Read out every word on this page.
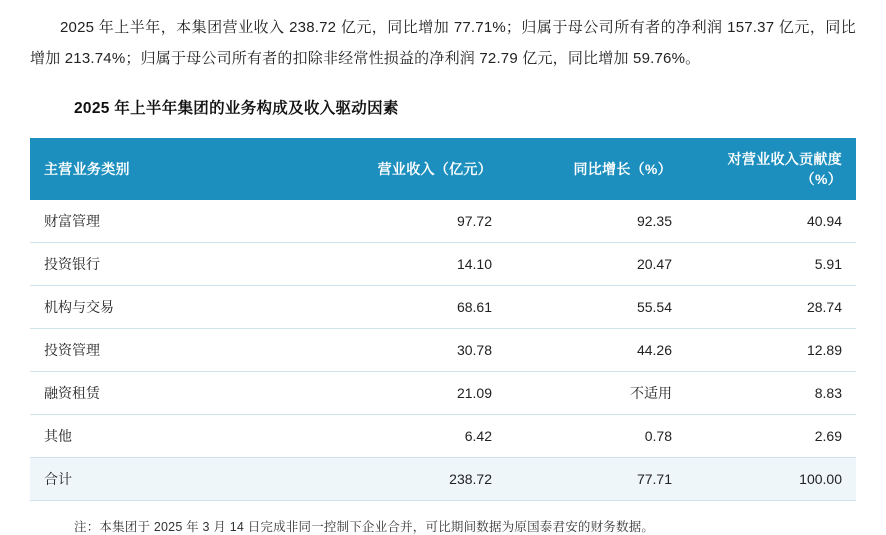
2025 年上半年，本集团营业收入 238.72 亿元，同比增加 77.71%；归属于母公司所有者的净利润 157.37 亿元，同比增加 213.74%；归属于母公司所有者的扣除非经常性损益的净利润 72.79 亿元，同比增加 59.76%。

2025 年上半年集团的业务构成及收入驱动因素
主营业务类别	营业收入（亿元）	同比增长（%）	对营业收入贡献度（%）
财富管理	97.72	92.35	40.94
投资银行	14.10	20.47	5.91
机构与交易	68.61	55.54	28.74
投资管理	30.78	44.26	12.89
融资租赁	21.09	不适用	8.83
其他	6.42	0.78	2.69
合计	238.72	77.71	100.00

注：本集团于 2025 年 3 月 14 日完成非同一控制下企业合并，可比期间数据为原国泰君安的财务数据。
